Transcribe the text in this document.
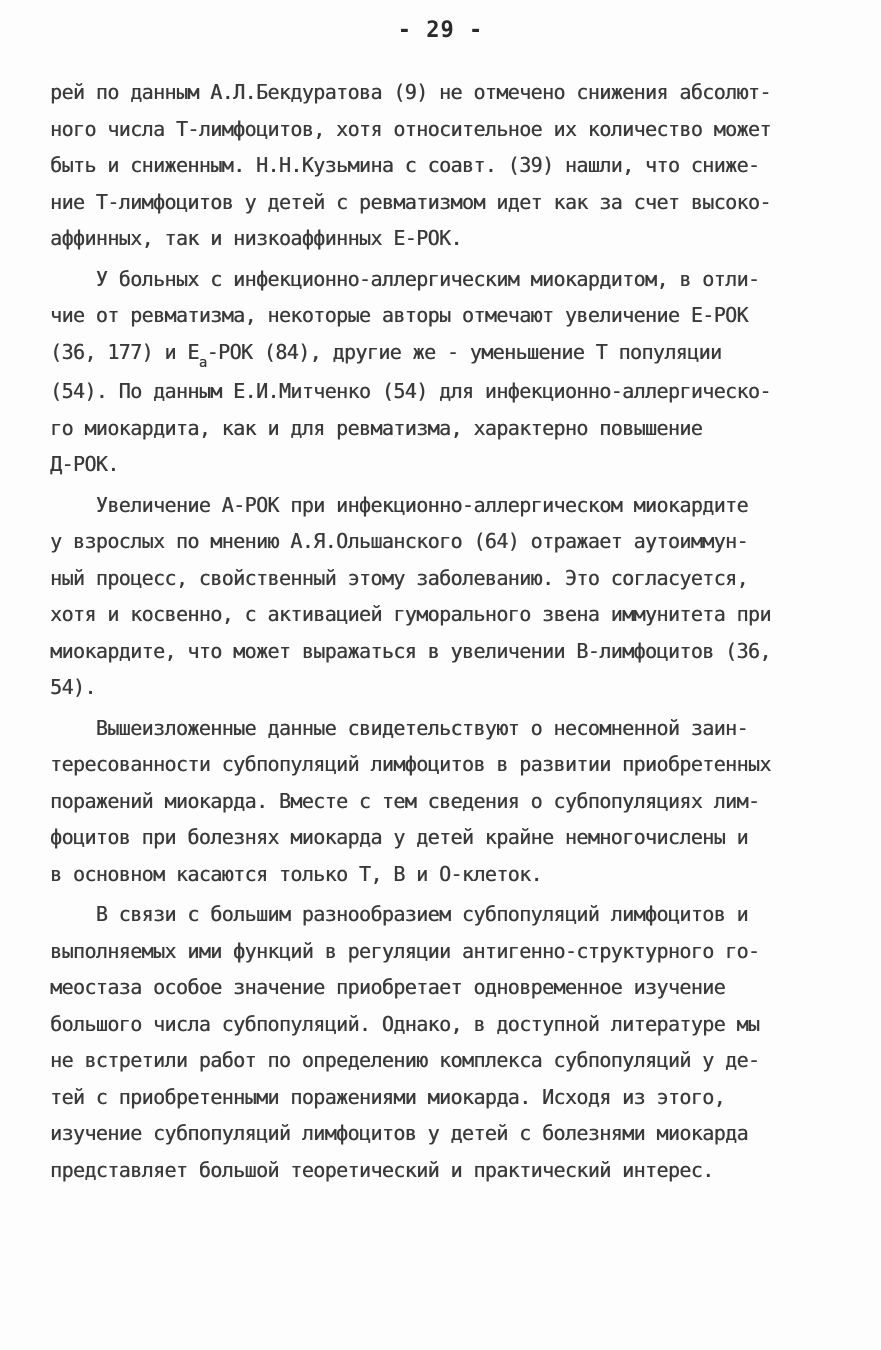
- 29 -
рей по данным А.Л.Бекдуратова (9) не отмечено снижения абсолют-
ного числа Т-лимфоцитов, хотя относительное их количество может
быть и сниженным. Н.Н.Кузьмина с соавт. (39) нашли, что сниже-
ние Т-лимфоцитов у детей с ревматизмом идет как за счет высоко-
аффинных, так и низкоаффинных Е-РОК.
У больных с инфекционно-аллергическим миокардитом, в отли-
чие от ревматизма, некоторые авторы отмечают увеличение Е-РОК
(36, 177) и $Е_а$-РОК (84), другие же - уменьшение Т популяции
(54). По данным Е.И.Митченко (54) для инфекционно-аллергическо-
го миокардита, как и для ревматизма, характерно повышение
Д-РОК.
Увеличение А-РОК при инфекционно-аллергическом миокардите
у взрослых по мнению А.Я.Ольшанского (64) отражает аутоиммун-
ный процесс, свойственный этому заболеванию. Это согласуется,
хотя и косвенно, с активацией гуморального звена иммунитета при
миокардите, что может выражаться в увеличении В-лимфоцитов (36,
54).
Вышеизложенные данные свидетельствуют о несомненной заин-
тересованности субпопуляций лимфоцитов в развитии приобретенных
поражений миокарда. Вместе с тем сведения о субпопуляциях лим-
фоцитов при болезнях миокарда у детей крайне немногочислены и
в основном касаются только Т, В и О-клеток.
В связи с большим разнообразием субпопуляций лимфоцитов и
выполняемых ими функций в регуляции антигенно-структурного го-
меостаза особое значение приобретает одновременное изучение
большого числа субпопуляций. Однако, в доступной литературе мы
не встретили работ по определению комплекса субпопуляций у де-
тей с приобретенными поражениями миокарда. Исходя из этого,
изучение субпопуляций лимфоцитов у детей с болезнями миокарда
представляет большой теоретический и практический интерес.
